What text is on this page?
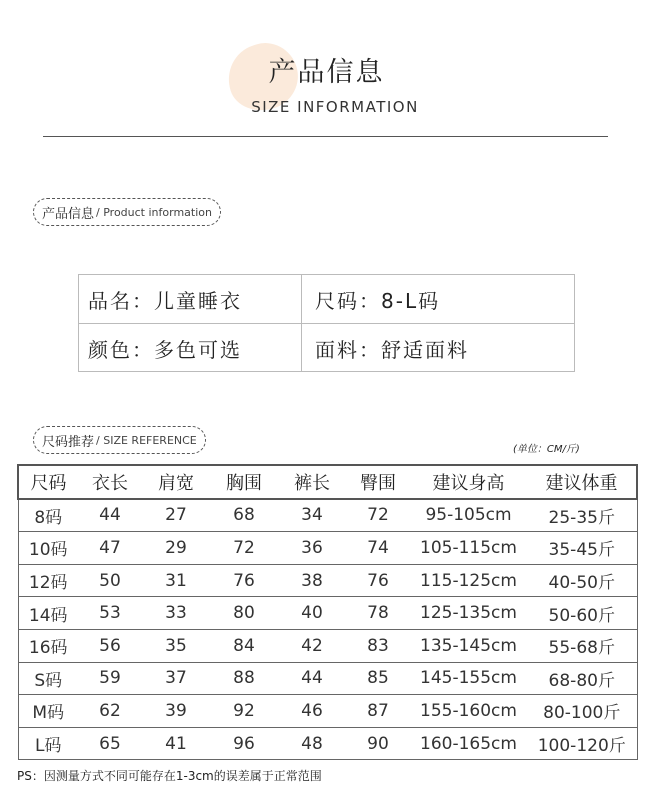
产品信息
SIZE INFORMATION
产品信息 / Product information
品名：儿童睡衣	尺码：8-L码
颜色：多色可选	面料：舒适面料
尺码推荐 / SIZE REFERENCE
(单位：CM/斤)
尺码	衣长	肩宽	胸围	裤长	臀围	建议身高	建议体重
8码	44	27	68	34	72	95-105cm	25-35斤
10码	47	29	72	36	74	105-115cm	35-45斤
12码	50	31	76	38	76	115-125cm	40-50斤
14码	53	33	80	40	78	125-135cm	50-60斤
16码	56	35	84	42	83	135-145cm	55-68斤
S码	59	37	88	44	85	145-155cm	68-80斤
M码	62	39	92	46	87	155-160cm	80-100斤
L码	65	41	96	48	90	160-165cm	100-120斤
PS：因测量方式不同可能存在1-3cm的误差属于正常范围
